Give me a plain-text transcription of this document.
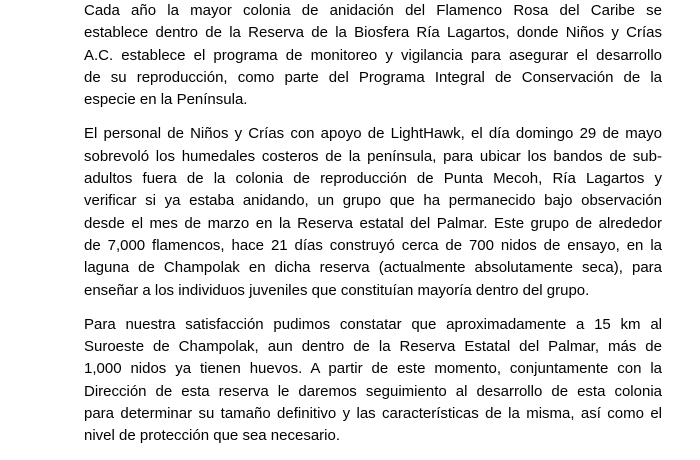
Cada año la mayor colonia de anidación del Flamenco Rosa del Caribe se
establece dentro de la Reserva de la Biosfera Ría Lagartos, donde Niños y Crías
A.C. establece el programa de monitoreo y vigilancia para asegurar el desarrollo
de su reproducción, como parte del Programa Integral de Conservación de la
especie en la Península.
El personal de Niños y Crías con apoyo de LightHawk, el día domingo 29 de mayo
sobrevoló los humedales costeros de la península, para ubicar los bandos de sub-
adultos fuera de la colonia de reproducción de Punta Mecoh, Ría Lagartos y
verificar si ya estaba anidando, un grupo que ha permanecido bajo observación
desde el mes de marzo en la Reserva estatal del Palmar. Este grupo de alrededor
de 7,000 flamencos, hace 21 días construyó cerca de 700 nidos de ensayo, en la
laguna de Champolak en dicha reserva (actualmente absolutamente seca), para
enseñar a los individuos juveniles que constituían mayoría dentro del grupo.
Para nuestra satisfacción pudimos constatar que aproximadamente a 15 km al
Suroeste de Champolak, aun dentro de la Reserva Estatal del Palmar, más de
1,000 nidos ya tienen huevos. A partir de este momento, conjuntamente con la
Dirección de esta reserva le daremos seguimiento al desarrollo de esta colonia
para determinar su tamaño definitivo y las características de la misma, así como el
nivel de protección que sea necesario.
